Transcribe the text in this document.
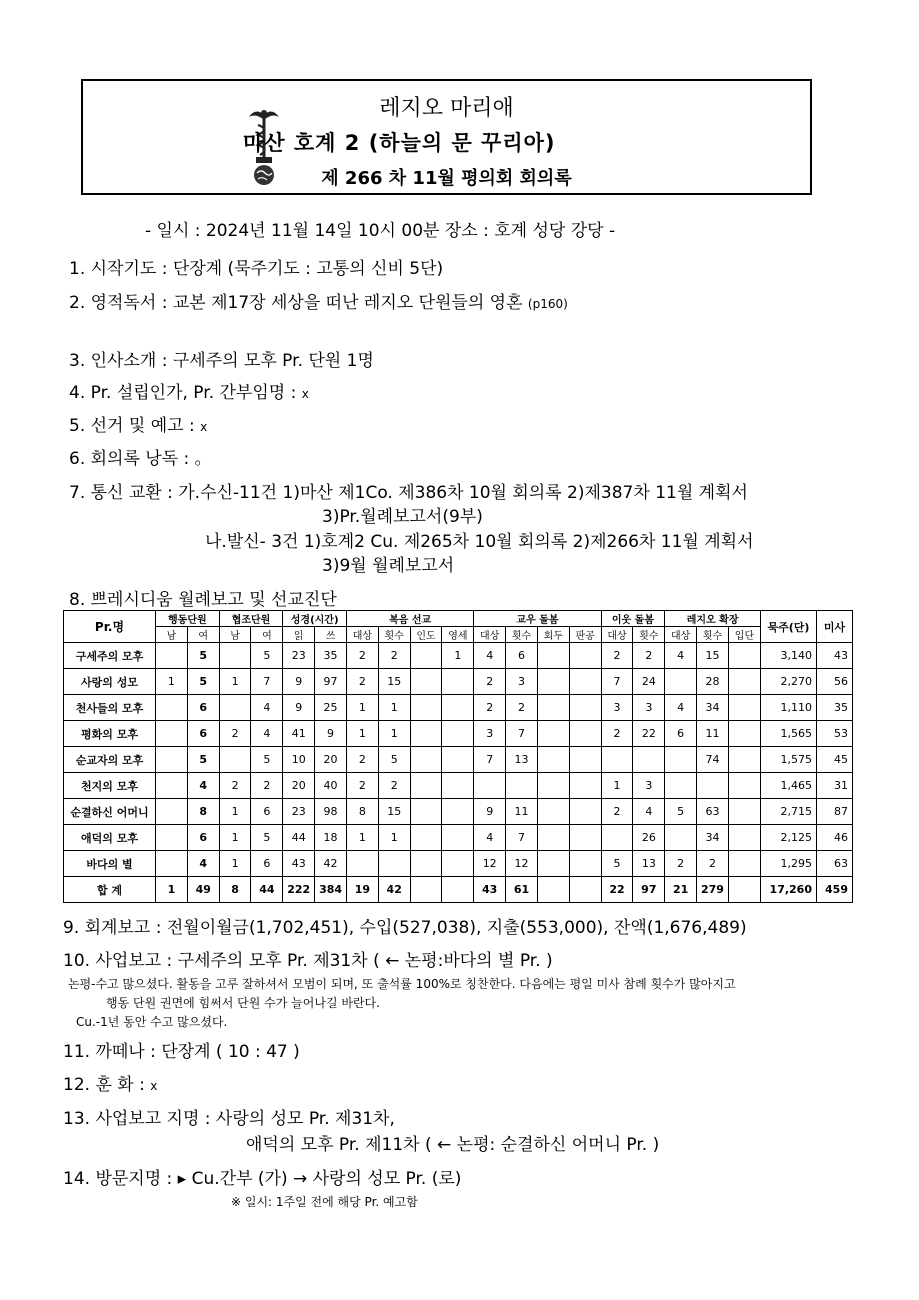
레지오 마리애
마산 호계 2 (하늘의 문 꾸리아)
제 266 차 11월 평의회 회의록
- 일시 : 2024년 11월 14일 10시 00분 장소 : 호계 성당 강당 -
1. 시작기도 : 단장계 (묵주기도 : 고통의 신비 5단)
2. 영적독서 : 교본 제17장 세상을 떠난 레지오 단원들의 영혼 (p160)
3. 인사소개 : 구세주의 모후 Pr. 단원 1명
4. Pr. 설립인가, Pr. 간부임명 : x
5. 선거 및 예고 : x
6. 회의록 낭독 : 。
7. 통신 교환 : 가.수신-11건 1)마산 제1Co. 제386차 10월 회의록 2)제387차 11월 계획서
3)Pr.월례보고서(9부)
나.발신- 3건 1)호계2 Cu. 제265차 10월 회의록 2)제266차 11월 계획서
3)9월 월례보고서
8. 쁘레시디움 월례보고 및 선교진단
Pr.명	행동단원		협조단원		성경(시간)		복음 선교				교우 돌봄				이웃 돌봄		레지오 확장			묵주(단)	미사
	남	여	남	여	읽	쓰	대상	횟수	인도	영세	대상	횟수	회두	판공	대상	횟수	대상	횟수	입단		
구세주의 모후		5		5	23	35	2	2		1	4	6			2	2	4	15		3,140	43
사랑의 성모	1	5	1	7	9	97	2	15			2	3			7	24		28		2,270	56
천사들의 모후		6		4	9	25	1	1			2	2			3	3	4	34		1,110	35
평화의 모후		6	2	4	41	9	1	1			3	7			2	22	6	11		1,565	53
순교자의 모후		5		5	10	20	2	5			7	13						74		1,575	45
천지의 모후		4	2	2	20	40	2	2							1	3				1,465	31
순결하신 어머니		8	1	6	23	98	8	15			9	11			2	4	5	63		2,715	87
애덕의 모후		6	1	5	44	18	1	1			4	7				26		34		2,125	46
바다의 별		4	1	6	43	42					12	12			5	13	2	2		1,295	63
합 계	1	49	8	44	222	384	19	42			43	61			22	97	21	279		17,260	459
9. 회계보고 : 전월이월금(1,702,451), 수입(527,038), 지출(553,000), 잔액(1,676,489)
10. 사업보고 : 구세주의 모후 Pr. 제31차 ( ← 논평:바다의 별 Pr. )
논평-수고 많으셨다. 활동을 고루 잘하셔서 모범이 되며, 또 출석률 100%로 칭찬한다. 다음에는 평일 미사 참례 횟수가 많아지고
행동 단원 권면에 힘써서 단원 수가 늘어나길 바란다.
Cu.-1년 동안 수고 많으셨다.
11. 까떼나 : 단장계 ( 10 : 47 )
12. 훈 화 : x
13. 사업보고 지명 : 사랑의 성모 Pr. 제31차,
애덕의 모후 Pr. 제11차 ( ← 논평: 순결하신 어머니 Pr. )
14. 방문지명 : ▸ Cu.간부 (가) → 사랑의 성모 Pr. (로)
※ 일시: 1주일 전에 해당 Pr. 예고함
